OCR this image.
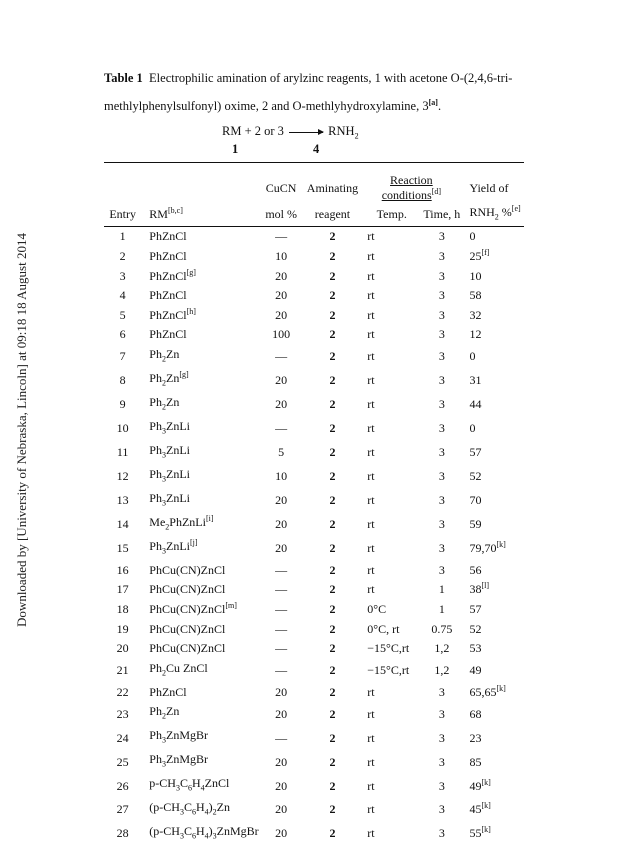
Downloaded by [University of Nebraska, Lincoln] at 09:18 18 August 2014
Table 1 Electrophilic amination of arylzinc reagents, 1 with acetone O-(2,4,6-tri-
methlylphenylsulfonyl) oxime, 2 and O-methlyhydroxylamine, 3[a].
RM + 2 or $3 \to RNH_2$
1	4
		CuCN	Aminating	Reaction conditions[d]		Yield of
Entry	RM[b,c]	mol %	reagent	Temp.	Time, h	$RNH_2$ %[e]
1	PhZnCl	—	2	rt	3	0
2	PhZnCl	10	2	rt	3	25[f]
3	PhZnCl[g]	20	2	rt	3	10
4	PhZnCl	20	2	rt	3	58
5	PhZnCl[h]	20	2	rt	3	32
6	PhZnCl	100	2	rt	3	12
7	$Ph_2Zn$	—	2	rt	3	0
8	$Ph_2Zn[g]$	20	2	rt	3	31
9	$Ph_2Zn$	20	2	rt	3	44
10	$Ph_3ZnLi$	—	2	rt	3	0
11	$Ph_3ZnLi$	5	2	rt	3	57
12	$Ph_3ZnLi$	10	2	rt	3	52
13	$Ph_3ZnLi$	20	2	rt	3	70
14	$Me_2PhZnLi[i]$	20	2	rt	3	59
15	$Ph_3ZnLi[j]$	20	2	rt	3	79,70[k]
16	PhCu(CN)ZnCl	—	2	rt	3	56
17	PhCu(CN)ZnCl	—	2	rt	1	38[l]
18	PhCu(CN)ZnCl[m]	—	2	0°C	1	57
19	PhCu(CN)ZnCl	—	2	0°C, rt	0.75	52
20	PhCu(CN)ZnCl	—	2	−15°C,rt	1,2	53
21	$Ph_2Cu$ ZnCl	—	2	−15°C,rt	1,2	49
22	PhZnCl	20	2	rt	3	65,65[k]
23	$Ph_2Zn$	20	2	rt	3	68
24	$Ph_3ZnMgBr$	—	2	rt	3	23
25	$Ph_3ZnMgBr$	20	2	rt	3	85
26	$p-CH_3C_6H_4ZnCl$	20	2	rt	3	49[k]
27	$(p-CH_3C_6H_4)_2Zn$	20	2	rt	3	45[k]
28	$(p-CH_3C_6H_4)_3ZnMgBr$	20	2	rt	3	55[k]
